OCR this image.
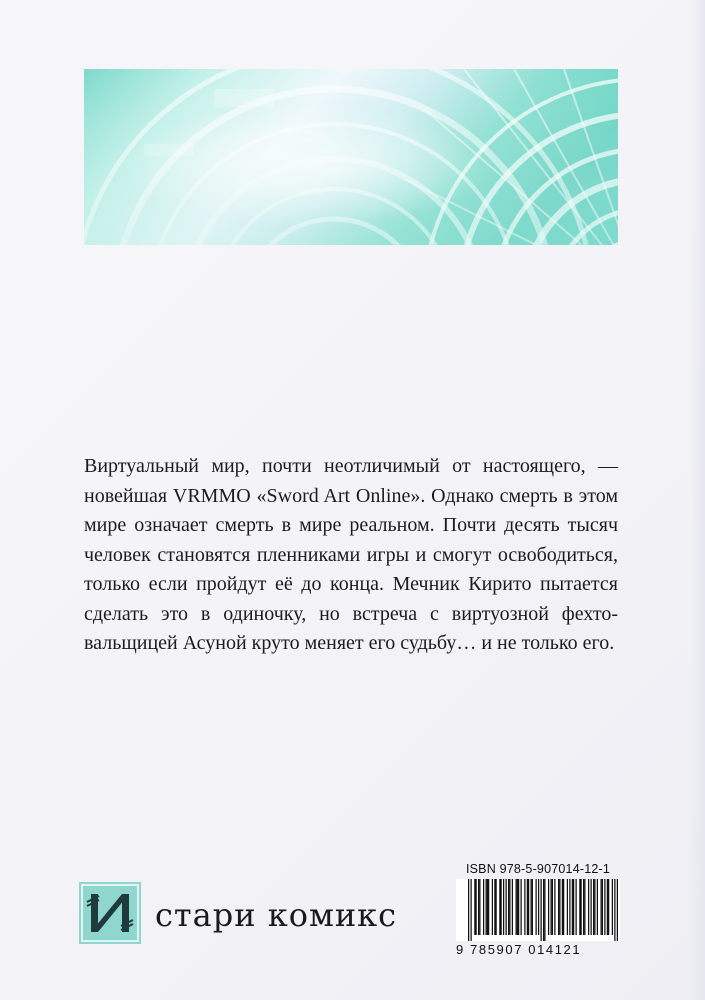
Виртуальный мир, почти неотличимый от настоящего, —
новейшая VRMMO «Sword Art Online». Однако смерть в этом
мире означает смерть в мире реальном. Почти десять тысяч
человек становятся пленниками игры и смогут освободиться,
только если пройдут её до конца. Мечник Кирито пытается
сделать это в одиночку, но встреча с виртуозной фехто-
вальщицей Асуной круто меняет его судьбу… и не только его.
стари комикс
ISBN 978-5-907014-12-1
9 785907 014121
